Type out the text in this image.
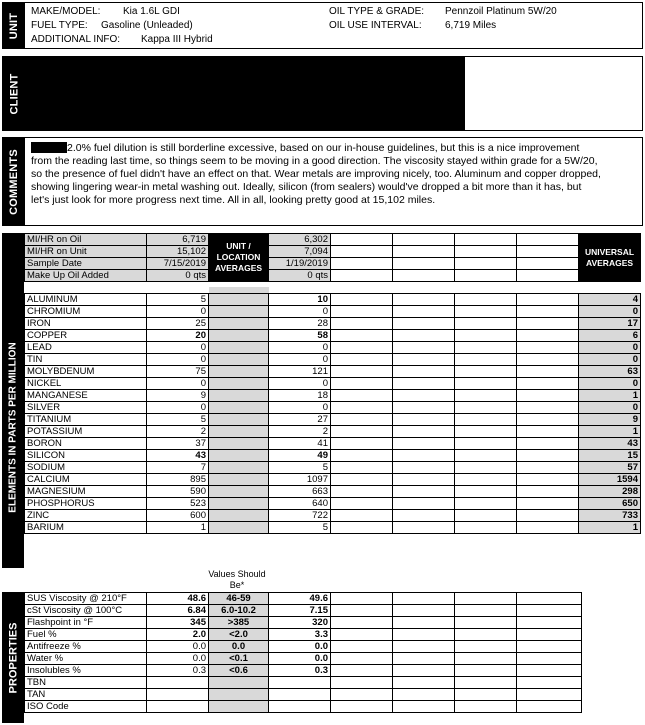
UNIT
MAKE/MODEL: Kia 1.6L GDI
FUEL TYPE: Gasoline (Unleaded)
ADDITIONAL INFO: Kappa III Hybrid
OIL TYPE & GRADE: Pennzoil Platinum 5W/20
OIL USE INTERVAL: 6,719 Miles
CLIENT
COMMENTS
2.0% fuel dilution is still borderline excessive, based on our in-house guidelines, but this is a nice improvement from the reading last time, so things seem to be moving in a good direction. The viscosity stayed within grade for a 5W/20, so the presence of fuel didn't have an effect on that. Wear metals are improving nicely, too. Aluminum and copper dropped, showing lingering wear-in metal washing out. Ideally, silicon (from sealers) would've dropped a bit more than it has, but let's just look for more progress next time. All in all, looking pretty good at 15,102 miles.
MI/HR on Oil	6,719	UNIT / LOCATION AVERAGES	6,302					UNIVERSAL AVERAGES
MI/HR on Unit	15,102		7,094					
Sample Date	7/15/2019		1/19/2019					
Make Up Oil Added	0 qts		0 qts					
ELEMENTS IN PARTS PER MILLION

ALUMINUM	5		10					4
CHROMIUM	0		0					0
IRON	25		28					17
COPPER	20		58					6
LEAD	0		0					0
TIN	0		0					0
MOLYBDENUM	75		121					63
NICKEL	0		0					0
MANGANESE	9		18					1
SILVER	0		0					0
TITANIUM	5		27					9
POTASSIUM	2		2					1
BORON	37		41					43
SILICON	43		49					15
SODIUM	7		5					57
CALCIUM	895		1097					1594
MAGNESIUM	590		663					298
PHOSPHORUS	523		640					650
ZINC	600		722					733
BARIUM	1		5					1
Values Should Be*
PROPERTIES
SUS Viscosity @ 210°F	48.6	46-59	49.6				
cSt Viscosity @ 100°C	6.84	6.0-10.2	7.15				
Flashpoint in °F	345	>385	320				
Fuel %	2.0	<2.0	3.3				
Antifreeze %	0.0	0.0	0.0				
Water %	0.0	<0.1	0.0				
Insolubles %	0.3	<0.6	0.3				
TBN							
TAN							
ISO Code							
